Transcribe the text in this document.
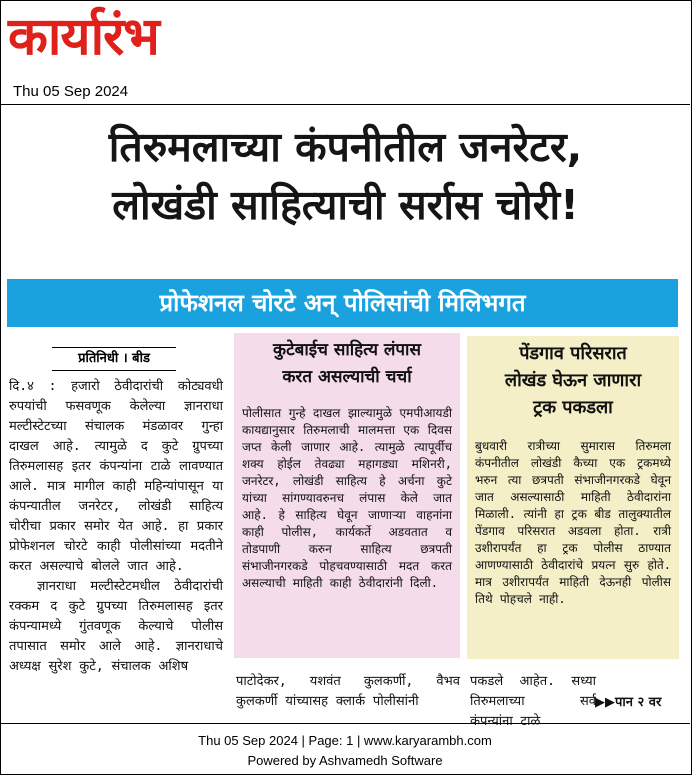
कार्यारंभ
Thu 05 Sep 2024
तिरुमलाच्या कंपनीतील जनरेटर,
लोखंडी साहित्याची सर्रास चोरी!
प्रोफेशनल चोरटे अन् पोलिसांची मिलिभगत
प्रतिनिधी । बीड
दि.४ : हजारो ठेवीदारांची कोट्यवधी रुपयांची फसवणूक केलेल्या ज्ञानराधा मल्टीस्टेटच्या संचालक मंडळावर गुन्हा दाखल आहे. त्यामुळे द कुटे ग्रुपच्या तिरुमलासह इतर कंपन्यांना टाळे लावण्यात आले. मात्र मागील काही महिन्यांपासून या कंपन्यातील जनरेटर, लोखंडी साहित्य चोरीचा प्रकार समोर येत आहे. हा प्रकार प्रोफेशनल चोरटे काही पोलीसांच्या मदतीने करत असल्याचे बोलले जात आहे.
ज्ञानराधा मल्टीस्टेटमधील ठेवीदारांची रक्कम द कुटे ग्रुपच्या तिरुमलासह इतर कंपन्यामध्ये गुंतवणूक केल्याचे पोलीस तपासात समोर आले आहे. ज्ञानराधाचे अध्यक्ष सुरेश कुटे, संचालक अशिष
कुटेबाईच साहित्य लंपास
करत असल्याची चर्चा
पोलीसात गुन्हे दाखल झाल्यामुळे एमपीआयडी कायद्यानुसार तिरुमलाची मालमत्ता एक दिवस जप्त केली जाणार आहे. त्यामुळे त्यापूर्वीच शक्य होईल तेवढ्या महागड्या मशिनरी, जनरेटर, लोखंडी साहित्य हे अर्चना कुटे यांच्या सांगण्यावरुनच लंपास केले जात आहे. हे साहित्य घेवून जाणाऱ्या वाहनांना काही पोलीस, कार्यकर्ते अडवतात व तोडपाणी करुन साहित्य छत्रपती संभाजीनगरकडे पोहचवण्यासाठी मदत करत असल्याची माहिती काही ठेवीदारांनी दिली.
पेंडगाव परिसरात
लोखंड घेऊन जाणारा
ट्रक पकडला
बुधवारी रात्रीच्या सुमारास तिरुमला कंपनीतील लोखंडी कैच्या एक ट्रकमध्ये भरुन त्या छत्रपती संभाजीनगरकडे घेवून जात असल्यासाठी माहिती ठेवीदारांना मिळाली. त्यांनी हा ट्रक बीड तालुक्यातील पेंडगाव परिसरात अडवला होता. रात्री उशीरापर्यंत हा ट्रक पोलीस ठाण्यात आणण्यासाठी ठेवीदारांचे प्रयत्न सुरु होते. मात्र उशीरापर्यंत माहिती देऊनही पोलीस तिथे पोहचले नाही.
पाटोदेकर, यशवंत कुलकर्णी, वैभव कुलकर्णी यांच्यासह क्लार्क पोलीसांनी
पकडले आहेत. सध्या तिरुमलाच्या सर्व कंपन्यांना टाळे
▶▶पान २ वर
Thu 05 Sep 2024 | Page: 1 | www.karyarambh.com
Powered by Ashvamedh Software
